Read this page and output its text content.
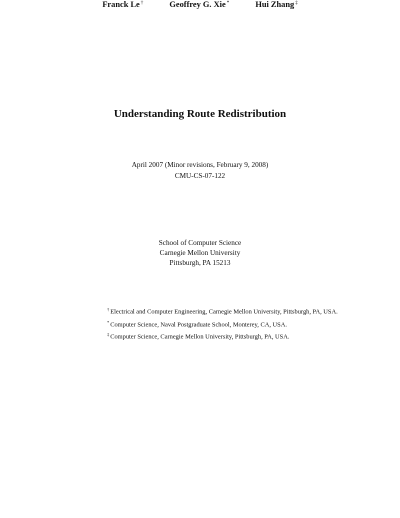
Understanding Route Redistribution
Franck Le†	Geoffrey G. Xie*	Hui Zhang‡
April 2007 (Minor revisions, February 9, 2008)
CMU-CS-07-122
School of Computer Science
Carnegie Mellon University
Pittsburgh, PA 15213
†Electrical and Computer Engineering, Carnegie Mellon University, Pittsburgh, PA, USA.
*Computer Science, Naval Postgraduate School, Monterey, CA, USA.
‡Computer Science, Carnegie Mellon University, Pittsburgh, PA, USA.
